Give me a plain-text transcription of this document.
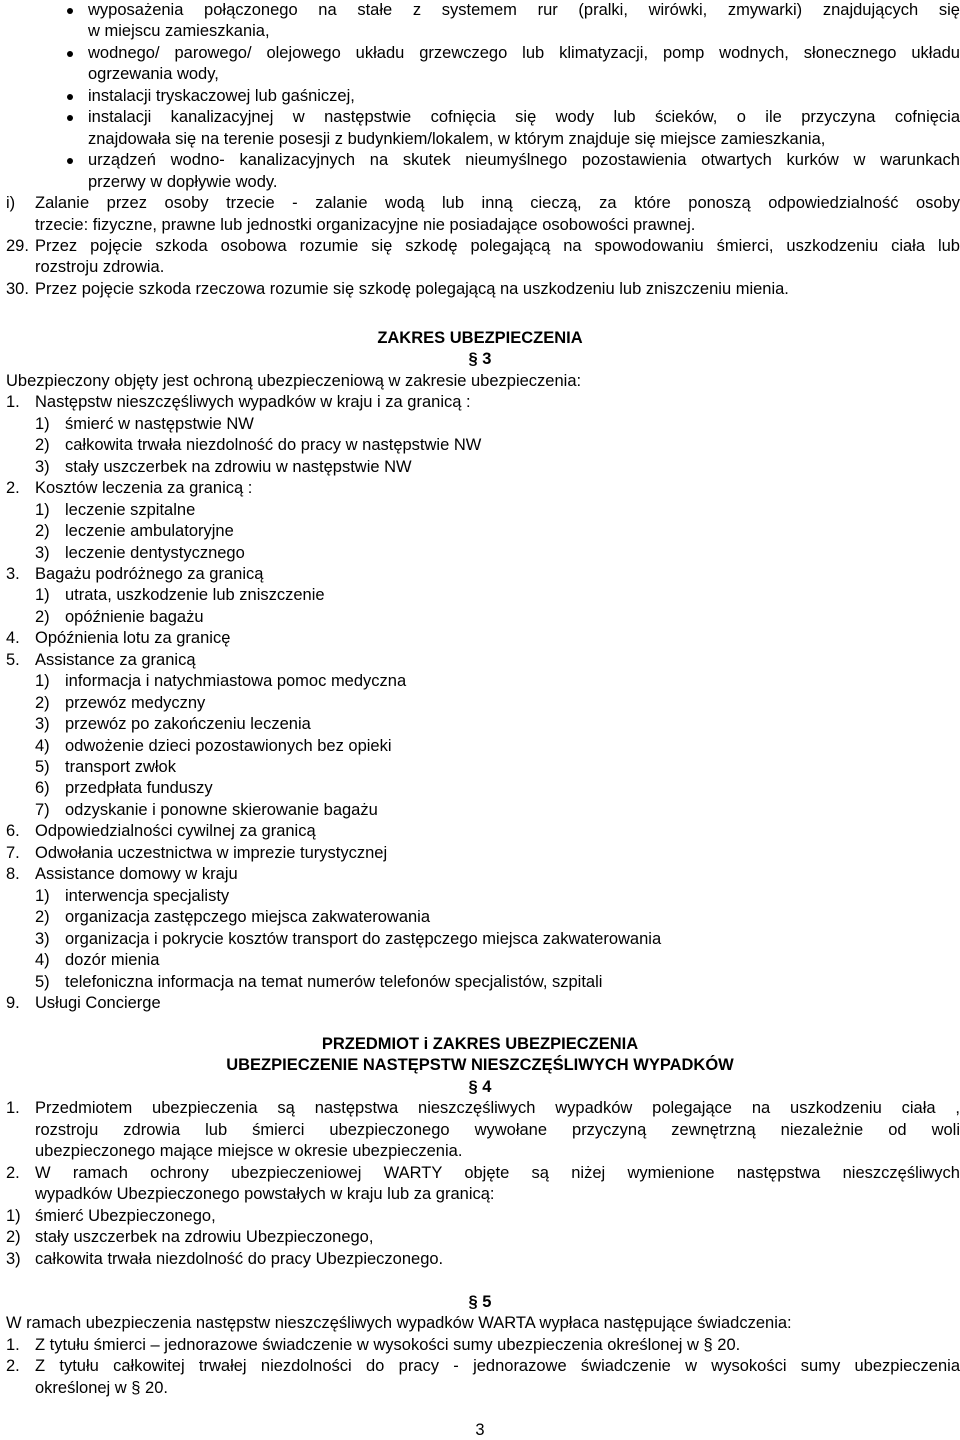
wyposażenia połączonego na stałe z systemem rur (pralki, wirówki, zmywarki) znajdujących się
w miejscu zamieszkania,
wodnego/ parowego/ olejowego układu grzewczego lub klimatyzacji, pomp wodnych, słonecznego układu
ogrzewania wody,
instalacji tryskaczowej lub gaśniczej,
instalacji kanalizacyjnej w następstwie cofnięcia się wody lub ścieków, o ile przyczyna cofnięcia
znajdowała się na terenie posesji z budynkiem/lokalem, w którym znajduje się miejsce zamieszkania,
urządzeń wodno- kanalizacyjnych na skutek nieumyślnego pozostawienia otwartych kurków w warunkach
przerwy w dopływie wody.
i) Zalanie przez osoby trzecie - zalanie wodą lub inną cieczą, za które ponoszą odpowiedzialność osoby
trzecie: fizyczne, prawne lub jednostki organizacyjne nie posiadające osobowości prawnej.
29. Przez pojęcie szkoda osobowa rozumie się szkodę polegającą na spowodowaniu śmierci, uszkodzeniu ciała lub
rozstroju zdrowia.
30. Przez pojęcie szkoda rzeczowa rozumie się szkodę polegającą na uszkodzeniu lub zniszczeniu mienia.
ZAKRES UBEZPIECZENIA
§ 3
Ubezpieczony objęty jest ochroną ubezpieczeniową w zakresie ubezpieczenia:
1. Następstw nieszczęśliwych wypadków w kraju i za granicą :
1) śmierć w następstwie NW
2) całkowita trwała niezdolność do pracy w następstwie NW
3) stały uszczerbek na zdrowiu w następstwie NW
2. Kosztów leczenia za granicą :
1) leczenie szpitalne
2) leczenie ambulatoryjne
3) leczenie dentystycznego
3. Bagażu podróżnego za granicą
1) utrata, uszkodzenie lub zniszczenie
2) opóźnienie bagażu
4. Opóźnienia lotu za granicę
5. Assistance za granicą
1) informacja i natychmiastowa pomoc medyczna
2) przewóz medyczny
3) przewóz po zakończeniu leczenia
4) odwożenie dzieci pozostawionych bez opieki
5) transport zwłok
6) przedpłata funduszy
7) odzyskanie i ponowne skierowanie bagażu
6. Odpowiedzialności cywilnej za granicą
7. Odwołania uczestnictwa w imprezie turystycznej
8. Assistance domowy w kraju
1) interwencja specjalisty
2) organizacja zastępczego miejsca zakwaterowania
3) organizacja i pokrycie kosztów transport do zastępczego miejsca zakwaterowania
4) dozór mienia
5) telefoniczna informacja na temat numerów telefonów specjalistów, szpitali
9. Usługi Concierge
PRZEDMIOT i ZAKRES UBEZPIECZENIA
UBEZPIECZENIE NASTĘPSTW NIESZCZĘŚLIWYCH WYPADKÓW
§ 4
1. Przedmiotem ubezpieczenia są następstwa nieszczęśliwych wypadków polegające na uszkodzeniu ciała ,
rozstroju zdrowia lub śmierci ubezpieczonego wywołane przyczyną zewnętrzną niezależnie od woli
ubezpieczonego mające miejsce w okresie ubezpieczenia.
2. W ramach ochrony ubezpieczeniowej WARTY objęte są niżej wymienione następstwa nieszczęśliwych
wypadków Ubezpieczonego powstałych w kraju lub za granicą:
1) śmierć Ubezpieczonego,
2) stały uszczerbek na zdrowiu Ubezpieczonego,
3) całkowita trwała niezdolność do pracy Ubezpieczonego.
§ 5
W ramach ubezpieczenia następstw nieszczęśliwych wypadków WARTA wypłaca następujące świadczenia:
1. Z tytułu śmierci – jednorazowe świadczenie w wysokości sumy ubezpieczenia określonej w § 20.
2. Z tytułu całkowitej trwałej niezdolności do pracy - jednorazowe świadczenie w wysokości sumy ubezpieczenia
określonej w § 20.
3
